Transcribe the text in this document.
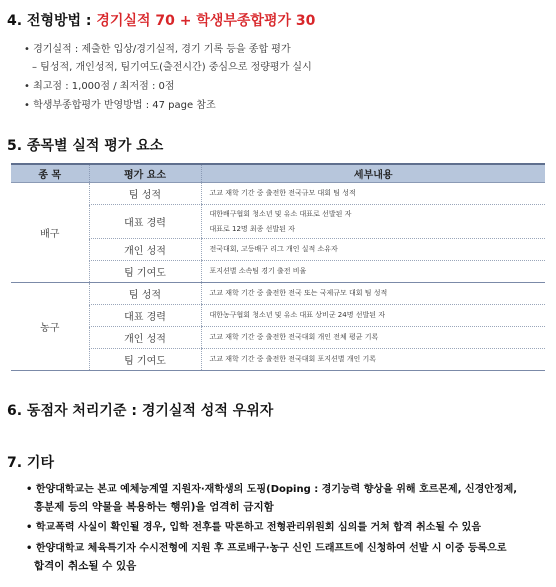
4. 전형방법 : 경기실적 70 + 학생부종합평가 30
• 경기실적 : 제출한 입상/경기실적, 경기 기록 등을 종합 평가
– 팀성적, 개인성적, 팀기여도(출전시간) 중심으로 정량평가 실시
• 최고점 : 1,000점 / 최저점 : 0점
• 학생부종합평가 반영방법 : 47 page 참조
5. 종목별 실적 평가 요소
종 목	평가 요소	세부내용
배구	팀 성적	고교 재학 기간 중 출전한 전국규모 대회 팀 성적

	대표 경력	대한배구협회 청소년 및 유소 대표로 선발된 자
대표로 12명 최종 선발된 자

	개인 성적	전국대회, 고등배구 리그 개인 실적 소유자

	팀 기여도	포지션별 소속팀 경기 출전 비율

농구	팀 성적	고교 재학 기간 중 출전한 전국 또는 국제규모 대회 팀 성적

	대표 경력	대한농구협회 청소년 및 유소 대표 상비군 24명 선발된 자

	개인 성적	고교 재학 기간 중 출전한 전국대회 개인 전체 평균 기록

	팀 기여도	고교 재학 기간 중 출전한 전국대회 포지션별 개인 기록
6. 동점자 처리기준 : 경기실적 성적 우위자
7. 기타
• 한양대학교는 본교 예체능계열 지원자·재학생의 도핑(Doping : 경기능력 향상을 위해 호르몬제, 신경안정제,
흥분제 등의 약물을 복용하는 행위)을 엄격히 금지함
• 학교폭력 사실이 확인될 경우, 입학 전후를 막론하고 전형관리위원회 심의를 거쳐 합격 취소될 수 있음
• 한양대학교 체육특기자 수시전형에 지원 후 프로배구·농구 신인 드래프트에 신청하여 선발 시 이중 등록으로
합격이 취소될 수 있음
